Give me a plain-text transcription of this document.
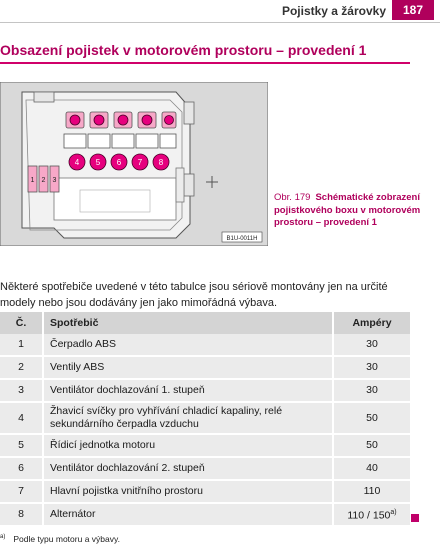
Pojistky a žárovky	187
Obsazení pojistek v motorovém prostoru – provedení 1
4 5 6 7 8
1 2 3
B1U-0011H
Obr. 179 Schématické zobrazení pojistkového boxu v motorovém prostoru – provedení 1

Některé spotřebiče uvedené v této tabulce jsou sériově montovány jen na určité modely nebo jsou dodávány jen jako mimořádná výbava.

Č.	Spotřebič	Ampéry
1	Čerpadlo ABS	30
2	Ventily ABS	30
3	Ventilátor dochlazování 1. stupeň	30
4	Žhavicí svíčky pro vyhřívání chladicí kapaliny, relé sekundárního čerpadla vzduchu	50
5	Řídicí jednotka motoru	50
6	Ventilátor dochlazování 2. stupeň	40
7	Hlavní pojistka vnitřního prostoru	110
8	Alternátor	110 / 150$^{a)}$
$^{a)}$ Podle typu motoru a výbavy.
